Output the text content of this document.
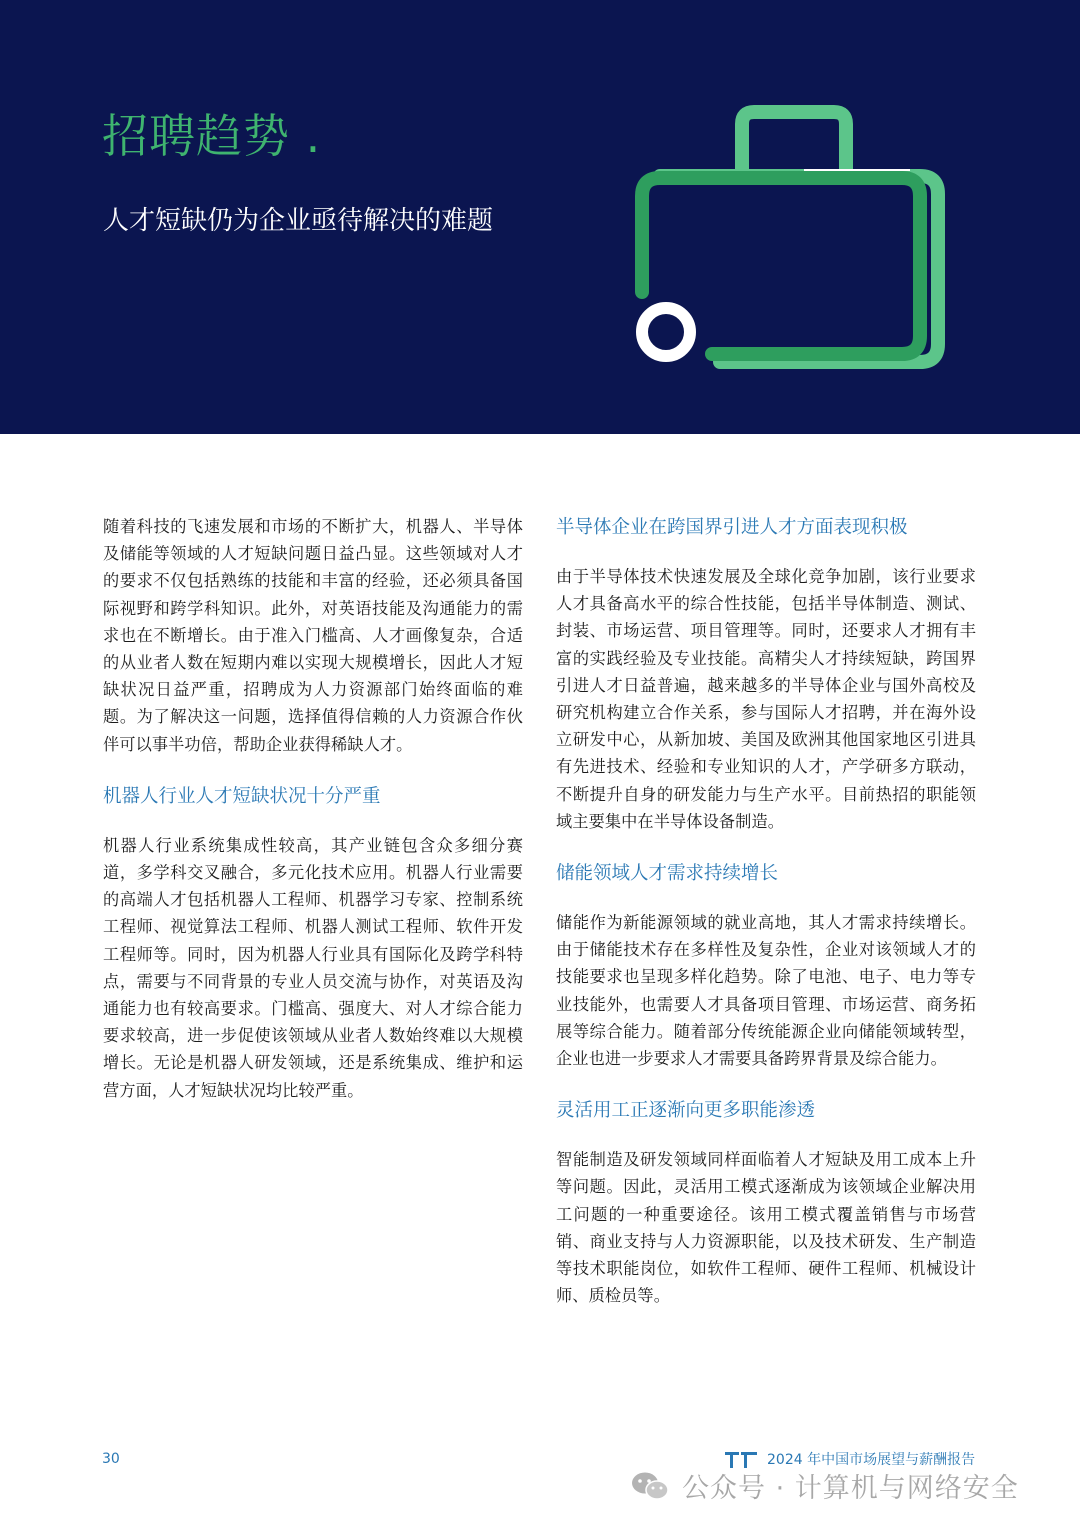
招聘趋势 .
人才短缺仍为企业亟待解决的难题

随着科技的飞速发展和市场的不断扩大，机器人、半导体及储能等领域的人才短缺问题日益凸显。这些领域对人才的要求不仅包括熟练的技能和丰富的经验，还必须具备国际视野和跨学科知识。此外，对英语技能及沟通能力的需求也在不断增长。由于准入门槛高、人才画像复杂，合适的从业者人数在短期内难以实现大规模增长，因此人才短缺状况日益严重，招聘成为人力资源部门始终面临的难题。为了解决这一问题，选择值得信赖的人力资源合作伙伴可以事半功倍，帮助企业获得稀缺人才。

机器人行业人才短缺状况十分严重

机器人行业系统集成性较高，其产业链包含众多细分赛道，多学科交叉融合，多元化技术应用。机器人行业需要的高端人才包括机器人工程师、机器学习专家、控制系统工程师、视觉算法工程师、机器人测试工程师、软件开发工程师等。同时，因为机器人行业具有国际化及跨学科特点，需要与不同背景的专业人员交流与协作，对英语及沟通能力也有较高要求。门槛高、强度大、对人才综合能力要求较高，进一步促使该领域从业者人数始终难以大规模增长。无论是机器人研发领域，还是系统集成、维护和运营方面，人才短缺状况均比较严重。

半导体企业在跨国界引进人才方面表现积极

由于半导体技术快速发展及全球化竞争加剧，该行业要求人才具备高水平的综合性技能，包括半导体制造、测试、封装、市场运营、项目管理等。同时，还要求人才拥有丰富的实践经验及专业技能。高精尖人才持续短缺，跨国界引进人才日益普遍，越来越多的半导体企业与国外高校及研究机构建立合作关系，参与国际人才招聘，并在海外设立研发中心，从新加坡、美国及欧洲其他国家地区引进具有先进技术、经验和专业知识的人才，产学研多方联动，不断提升自身的研发能力与生产水平。目前热招的职能领域主要集中在半导体设备制造。

储能领域人才需求持续增长

储能作为新能源领域的就业高地，其人才需求持续增长。由于储能技术存在多样性及复杂性，企业对该领域人才的技能要求也呈现多样化趋势。除了电池、电子、电力等专业技能外，也需要人才具备项目管理、市场运营、商务拓展等综合能力。随着部分传统能源企业向储能领域转型，企业也进一步要求人才需要具备跨界背景及综合能力。

灵活用工正逐渐向更多职能渗透

智能制造及研发领域同样面临着人才短缺及用工成本上升等问题。因此，灵活用工模式逐渐成为该领域企业解决用工问题的一种重要途径。该用工模式覆盖销售与市场营销、商业支持与人力资源职能，以及技术研发、生产制造等技术职能岗位，如软件工程师、硬件工程师、机械设计师、质检员等。

30	2024 年中国市场展望与薪酬报告
公众号 · 计算机与网络安全
